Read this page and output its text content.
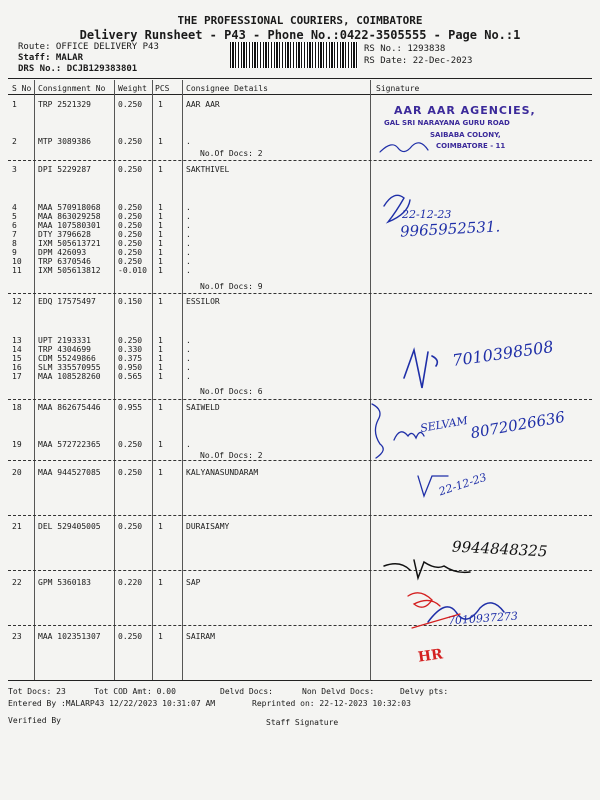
THE PROFESSIONAL COURIERS, COIMBATORE
Delivery Runsheet - P43 - Phone No.:0422-3505555 - Page No.:1
Route: OFFICE DELIVERY P43
Staff: MALAR
DRS No.: DCJB129383801
RS No.: 1293838
RS Date: 22-Dec-2023
S No Consignment No Weight PCS Consignee Details	Signature
1	TRP 2521329	0.250 1	AAR AAR
2	MTP 3089386	0.250 1	.
3	DPI 5229287	0.250 1	SAKTHIVEL
4	MAA 570918068 0.250 1	.
5	MAA 863029258 0.250 1	.
6	MAA 107580301 0.250 1	.
7	DTY 3796628	0.250 1	.
8	IXM 505613721 0.250 1	.
9	DPM 426093	0.250 1	.
10 TRP 6370546	0.250 1	.
11 IXM 505613812 -0.010 1	.
12 EDQ 17575497	0.150 1	ESSILOR
13 UPT 2193331	0.250 1	.
14 TRP 4304699	0.330 1	.
15 CDM 55249866	0.375 1	.
16 SLM 335570955 0.950 1	.
17 MAA 108528260 0.565 1	.
18 MAA 862675446 0.955 1	SAIWELD
19 MAA 572722365 0.250 1	.
20 MAA 944527085 0.250 1	KALYANASUNDARAM
21 DEL 529405005 0.250 1	DURAISAMY
22 GPM 5360183	0.220 1	SAP
23 MAA 102351307 0.250 1	SAIRAM
No.Of Docs: 2
No.Of Docs: 9
No.Of Docs: 6
No.Of Docs: 2
AAR AAR AGENCIES,
GAL SRI NARAYANA GURU ROAD
SAIBABA COLONY,
COIMBATORE - 11
22-12-23
9965952531.
7010398508
SELVAM 8072026636
22-12-23
9944848325
7010937273
HR
Tot Docs: 23	Tot COD Amt: 0.00	Delvd Docs:	Non Delvd Docs:	Delvy pts:
Entered By :MALARP43 12/22/2023 10:31:07 AM	Reprinted on: 22-12-2023 10:32:03
Verified By	Staff Signature
